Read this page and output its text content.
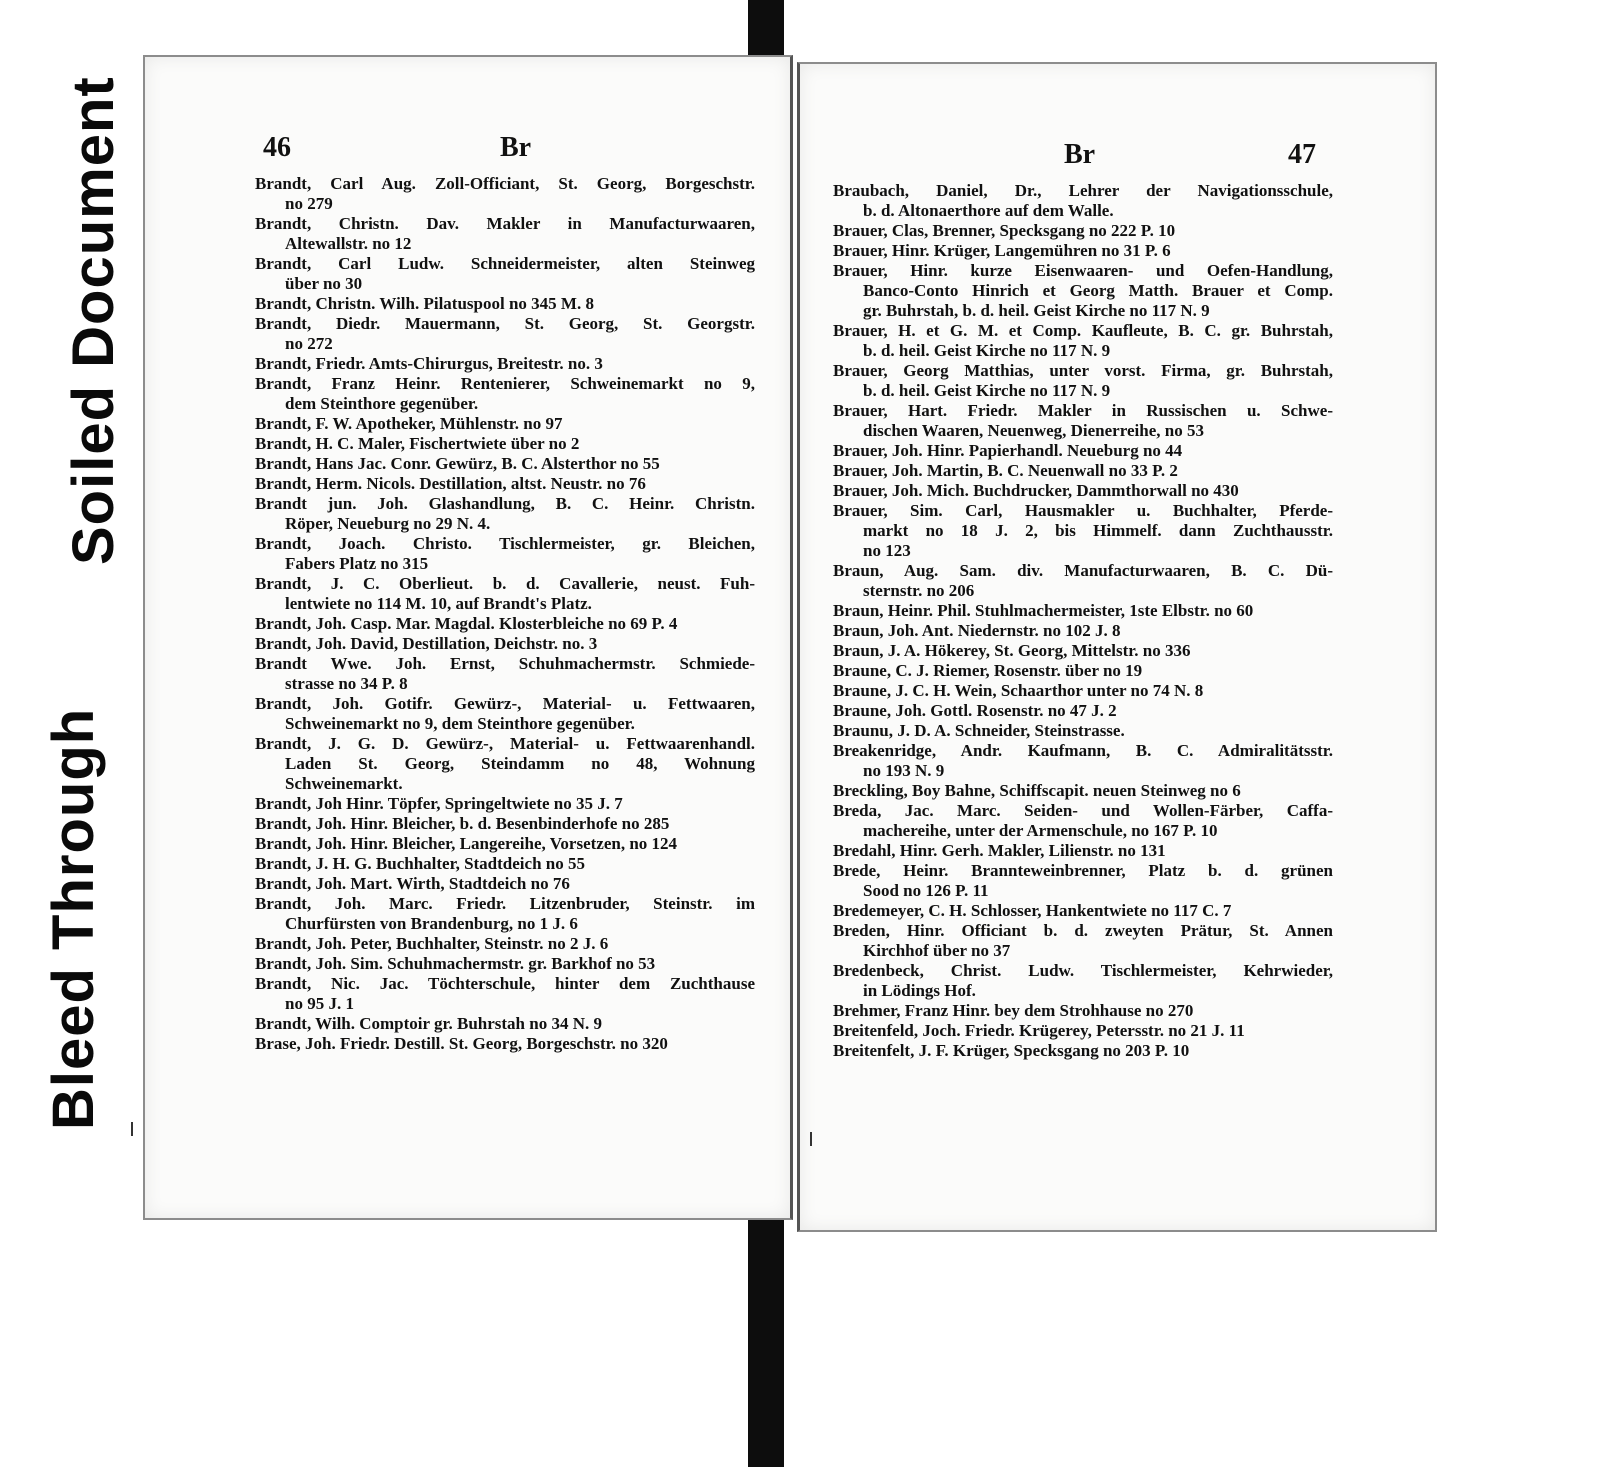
Soiled Document
Bleed Through
46	Br
Brandt, Carl Aug. Zoll-Officiant, St. Georg, Borgeschstr.
no 279
Brandt, Christn. Dav. Makler in Manufacturwaaren,
Altewallstr. no 12
Brandt, Carl Ludw. Schneidermeister, alten Steinweg
über no 30
Brandt, Christn. Wilh. Pilatuspool no 345 M. 8
Brandt, Diedr. Mauermann, St. Georg, St. Georgstr.
no 272
Brandt, Friedr. Amts-Chirurgus, Breitestr. no. 3
Brandt, Franz Heinr. Rentenierer, Schweinemarkt no 9,
dem Steinthore gegenüber.
Brandt, F. W. Apotheker, Mühlenstr. no 97
Brandt, H. C. Maler, Fischertwiete über no 2
Brandt, Hans Jac. Conr. Gewürz, B. C. Alsterthor no 55
Brandt, Herm. Nicols. Destillation, altst. Neustr. no 76
Brandt jun. Joh. Glashandlung, B. C. Heinr. Christn.
Röper, Neueburg no 29 N. 4.
Brandt, Joach. Christo. Tischlermeister, gr. Bleichen,
Fabers Platz no 315
Brandt, J. C. Oberlieut. b. d. Cavallerie, neust. Fuh-
lentwiete no 114 M. 10, auf Brandt's Platz.
Brandt, Joh. Casp. Mar. Magdal. Klosterbleiche no 69 P. 4
Brandt, Joh. David, Destillation, Deichstr. no. 3
Brandt Wwe. Joh. Ernst, Schuhmachermstr. Schmiede-
strasse no 34 P. 8
Brandt, Joh. Gotifr. Gewürz-, Material- u. Fettwaaren,
Schweinemarkt no 9, dem Steinthore gegenüber.
Brandt, J. G. D. Gewürz-, Material- u. Fettwaarenhandl.
Laden St. Georg, Steindamm no 48, Wohnung
Schweinemarkt.
Brandt, Joh Hinr. Töpfer, Springeltwiete no 35 J. 7
Brandt, Joh. Hinr. Bleicher, b. d. Besenbinderhofe no 285
Brandt, Joh. Hinr. Bleicher, Langereihe, Vorsetzen, no 124
Brandt, J. H. G. Buchhalter, Stadtdeich no 55
Brandt, Joh. Mart. Wirth, Stadtdeich no 76
Brandt, Joh. Marc. Friedr. Litzenbruder, Steinstr. im
Churfürsten von Brandenburg, no 1 J. 6
Brandt, Joh. Peter, Buchhalter, Steinstr. no 2 J. 6
Brandt, Joh. Sim. Schuhmachermstr. gr. Barkhof no 53
Brandt, Nic. Jac. Töchterschule, hinter dem Zuchthause
no 95 J. 1
Brandt, Wilh. Comptoir gr. Buhrstah no 34 N. 9
Brase, Joh. Friedr. Destill. St. Georg, Borgeschstr. no 320
Br	47
Braubach, Daniel, Dr., Lehrer der Navigationsschule,
b. d. Altonaerthore auf dem Walle.
Brauer, Clas, Brenner, Specksgang no 222 P. 10
Brauer, Hinr. Krüger, Langemühren no 31 P. 6
Brauer, Hinr. kurze Eisenwaaren- und Oefen-Handlung,
Banco-Conto Hinrich et Georg Matth. Brauer et Comp.
gr. Buhrstah, b. d. heil. Geist Kirche no 117 N. 9
Brauer, H. et G. M. et Comp. Kaufleute, B. C. gr. Buhrstah,
b. d. heil. Geist Kirche no 117 N. 9
Brauer, Georg Matthias, unter vorst. Firma, gr. Buhrstah,
b. d. heil. Geist Kirche no 117 N. 9
Brauer, Hart. Friedr. Makler in Russischen u. Schwe-
dischen Waaren, Neuenweg, Dienerreihe, no 53
Brauer, Joh. Hinr. Papierhandl. Neueburg no 44
Brauer, Joh. Martin, B. C. Neuenwall no 33 P. 2
Brauer, Joh. Mich. Buchdrucker, Dammthorwall no 430
Brauer, Sim. Carl, Hausmakler u. Buchhalter, Pferde-
markt no 18 J. 2, bis Himmelf. dann Zuchthausstr.
no 123
Braun, Aug. Sam. div. Manufacturwaaren, B. C. Dü-
sternstr. no 206
Braun, Heinr. Phil. Stuhlmachermeister, 1ste Elbstr. no 60
Braun, Joh. Ant. Niedernstr. no 102 J. 8
Braun, J. A. Hökerey, St. Georg, Mittelstr. no 336
Braune, C. J. Riemer, Rosenstr. über no 19
Braune, J. C. H. Wein, Schaarthor unter no 74 N. 8
Braune, Joh. Gottl. Rosenstr. no 47 J. 2
Braunu, J. D. A. Schneider, Steinstrasse.
Breakenridge, Andr. Kaufmann, B. C. Admiralitätsstr.
no 193 N. 9
Breckling, Boy Bahne, Schiffscapit. neuen Steinweg no 6
Breda, Jac. Marc. Seiden- und Wollen-Färber, Caffa-
machereihe, unter der Armenschule, no 167 P. 10
Bredahl, Hinr. Gerh. Makler, Lilienstr. no 131
Brede, Heinr. Brannteweinbrenner, Platz b. d. grünen
Sood no 126 P. 11
Bredemeyer, C. H. Schlosser, Hankentwiete no 117 C. 7
Breden, Hinr. Officiant b. d. zweyten Prätur, St. Annen
Kirchhof über no 37
Bredenbeck, Christ. Ludw. Tischlermeister, Kehrwieder,
in Lödings Hof.
Brehmer, Franz Hinr. bey dem Strohhause no 270
Breitenfeld, Joch. Friedr. Krügerey, Petersstr. no 21 J. 11
Breitenfelt, J. F. Krüger, Specksgang no 203 P. 10
